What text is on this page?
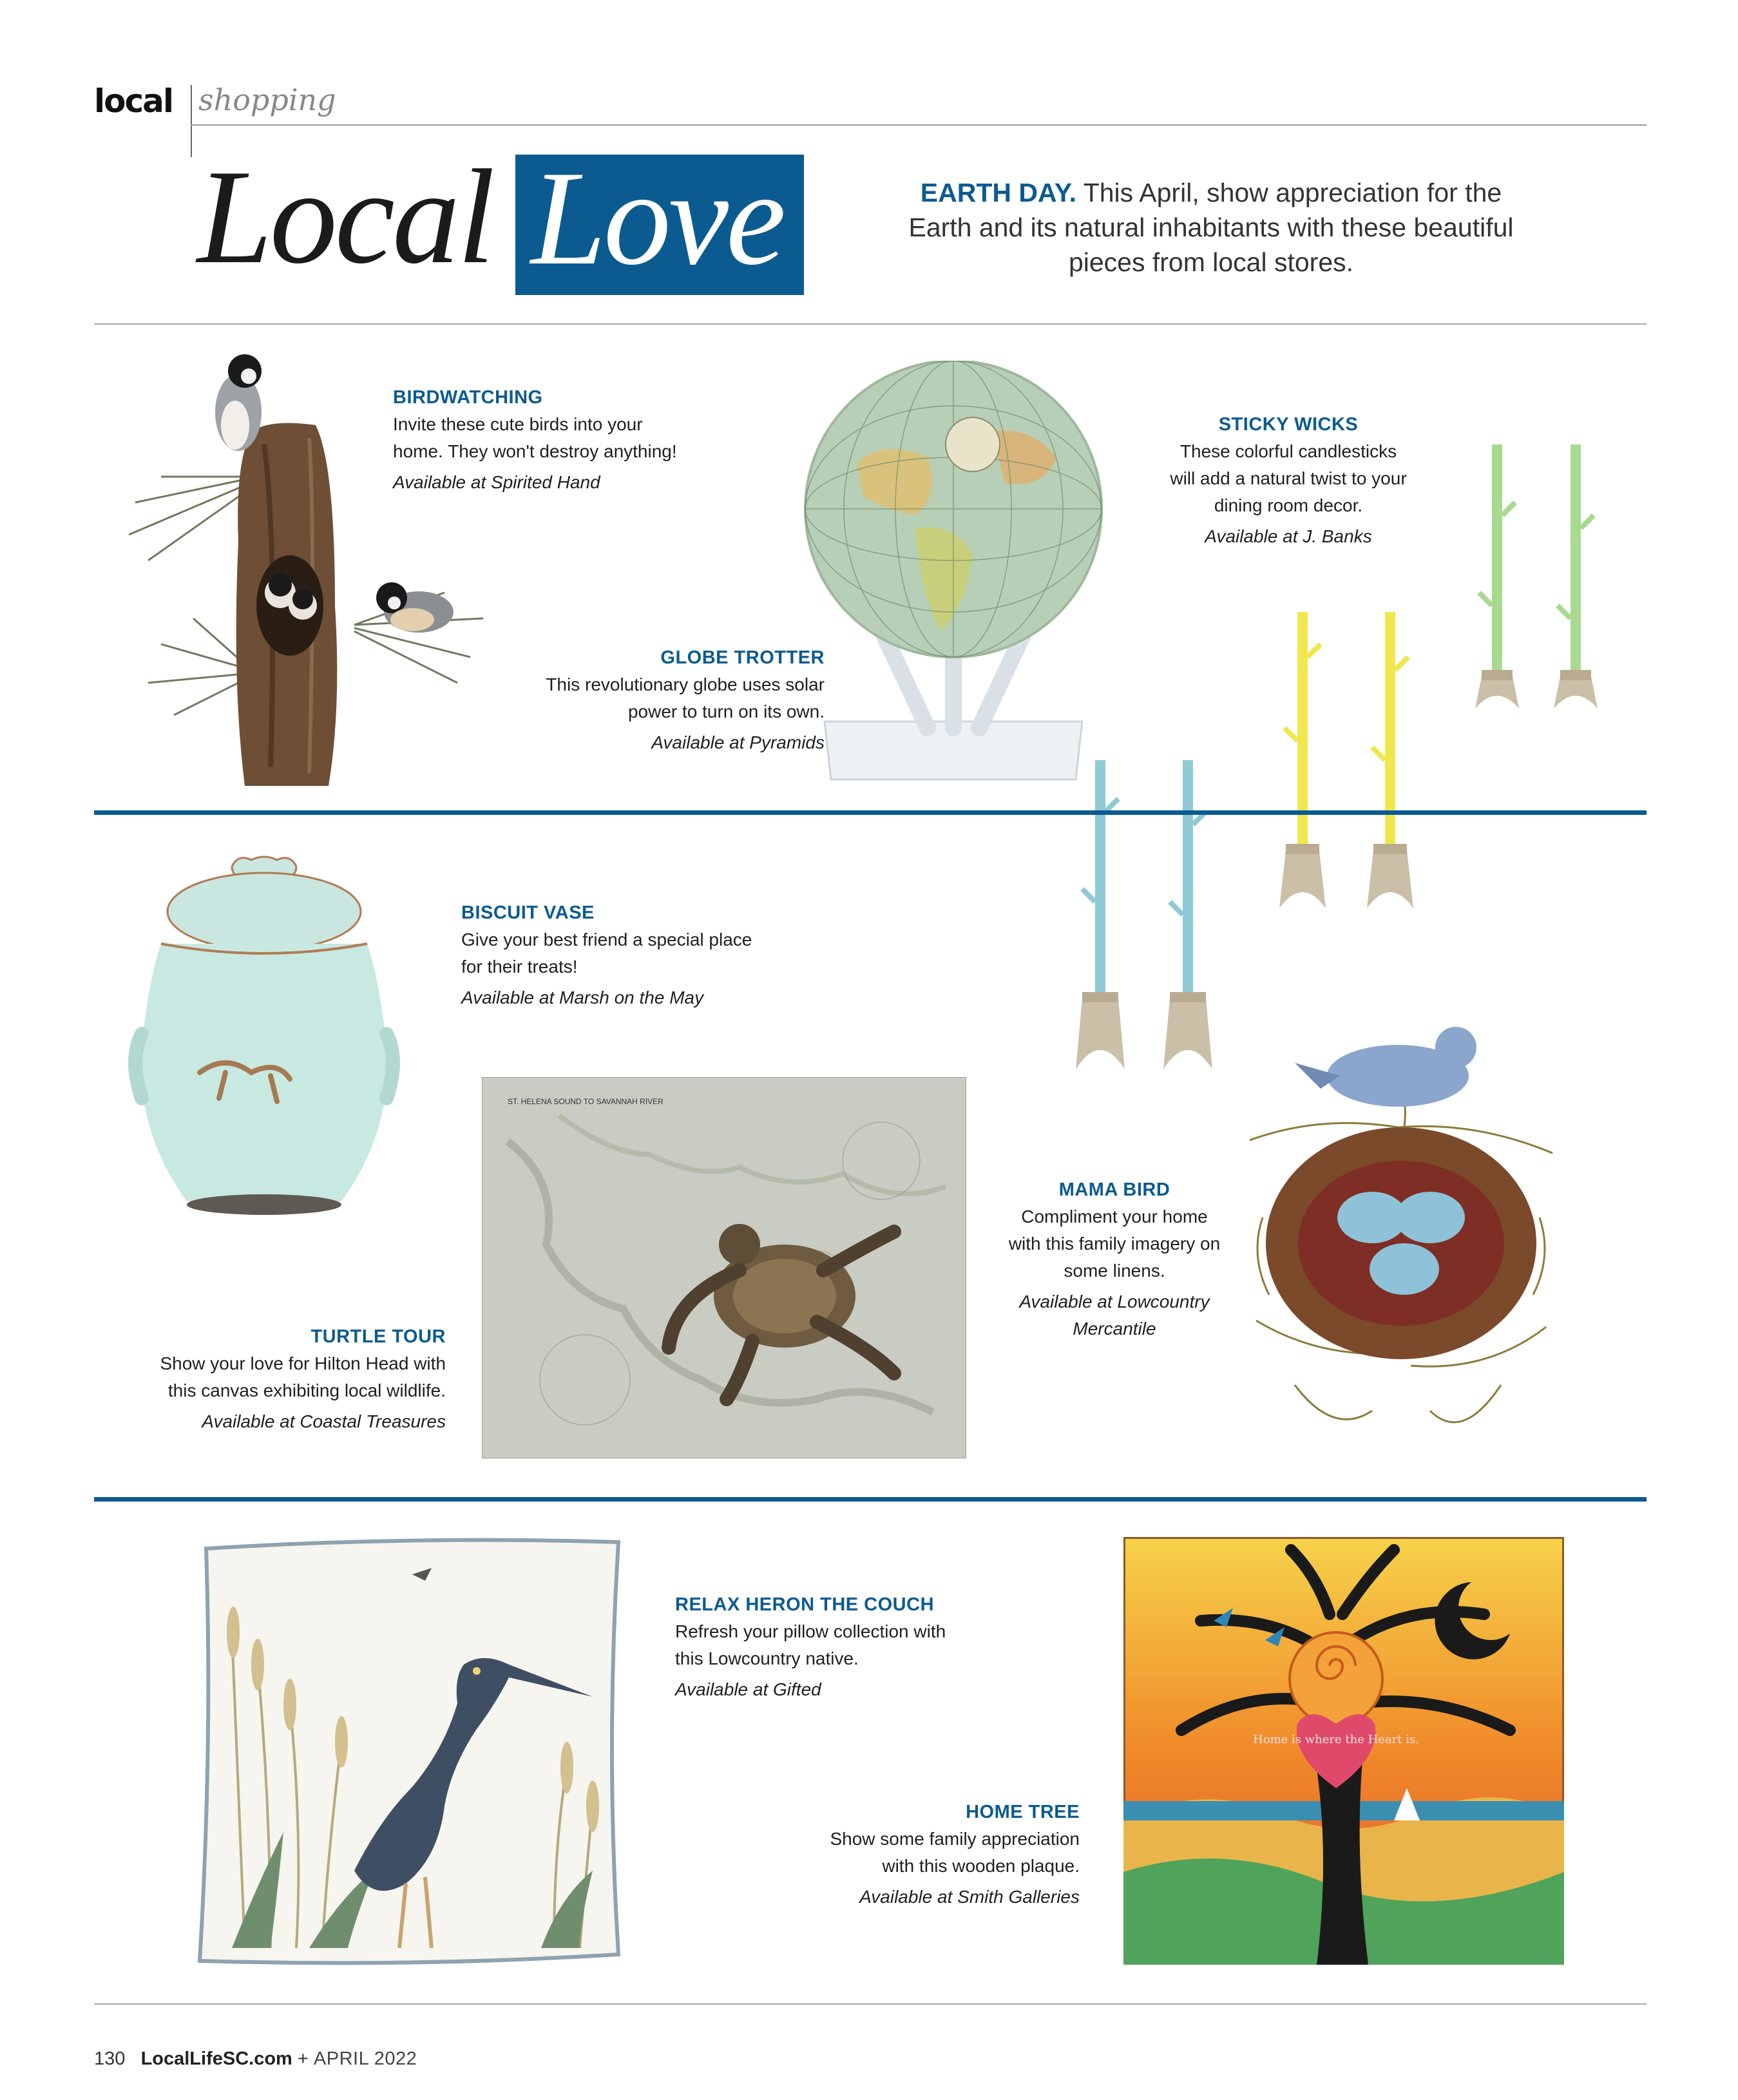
local shopping
Local Love	EARTH DAY. This April, show appreciation for the Earth and its natural inhabitants with these beautiful pieces from local stores.
BIRDWATCHING
Invite these cute birds into your
home. They won't destroy anything!
Available at Spirited Hand
GLOBE TROTTER
This revolutionary globe uses solar
power to turn on its own.
Available at Pyramids
STICKY WICKS
These colorful candlesticks
will add a natural twist to your
dining room decor.
Available at J. Banks
ST. HELENA SOUND TO SAVANNAH RIVER
BISCUIT VASE
Give your best friend a special place
for their treats!
Available at Marsh on the May
TURTLE TOUR
Show your love for Hilton Head with
this canvas exhibiting local wildlife.
Available at Coastal Treasures
MAMA BIRD
Compliment your home
with this family imagery on
some linens.
Available at Lowcountry
Mercantile
Home is where the Heart is.
RELAX HERON THE COUCH
Refresh your pillow collection with
this Lowcountry native.
Available at Gifted
HOME TREE
Show some family appreciation
with this wooden plaque.
Available at Smith Galleries
130 LocalLifeSC.com + APRIL 2022
